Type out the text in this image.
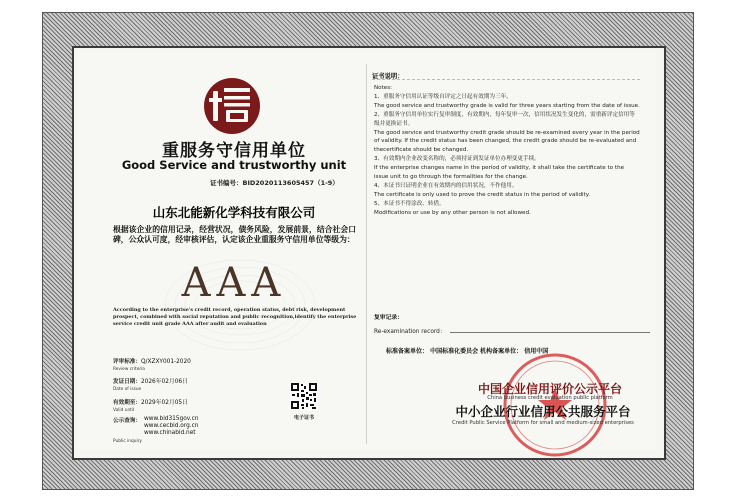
重服务守信用单位
Good Service and trustworthy unit
证书编号：BID2020113605457（1-9）
山东北能新化学科技有限公司
根据该企业的信用记录，经营状况，债务风险，发展前景，结合社会口碑，公众认可度，经审核评估，认定该企业重服务守信用单位等级为：
AAA
According to the enterprise's credit record, operation status, debt risk, development prospect, combined with social reputation and public recognition,identify the enterprise service credit unit grade AAA after audit and evaluation
评审标准：Q/XZXY001-2020
Review criteria
发证日期：2026年02月06日
Date of issue
有效期至：2029年02月05日
Valid until
公示查询： www.bid315gov.cn
www.cecbid.org.cn
www.chinabid.net
Public inquiry
电子证书
证书说明：
Notes:
1、重服务守信用认证等级自评定之日起有效期为三年。
The good service and trustworthy grade is valid for three years starting from the date of issue.
2、重服务守信用单位实行复审制度，有效期内，每年复审一次，信用状况发生变化的，需重新评定信用等级并更换证书。
The good service and trustworthy credit grade should be re-examined every year in the period of validity. If the credit status has been changed, the credit grade should be re-evaluated and thecertificate should be changed.
3、有效期内企业改变名称的，必须持证到发证单位办理变更手续。
If the enterprise changes name in the period of validity, it shall take the certificate to the issue unit to go through the formalities for the change.
4、本证书只证明企业在有效期内的信用状况，不作他用。
The certificate is only used to prove the credit status in the period of validity.
5、本证书不得涂改、转借。
Modifications or use by any other person is not allowed.
复审记录：
Re-examination record：
标准备案单位： 中国标准化委员会 机构备案单位： 信用中国
中国企业信用评价公示平台
China business credit evaluation public platform
中小企业行业信用公共服务平台
Credit Public Service Platform for small and medium-sized enterprises
